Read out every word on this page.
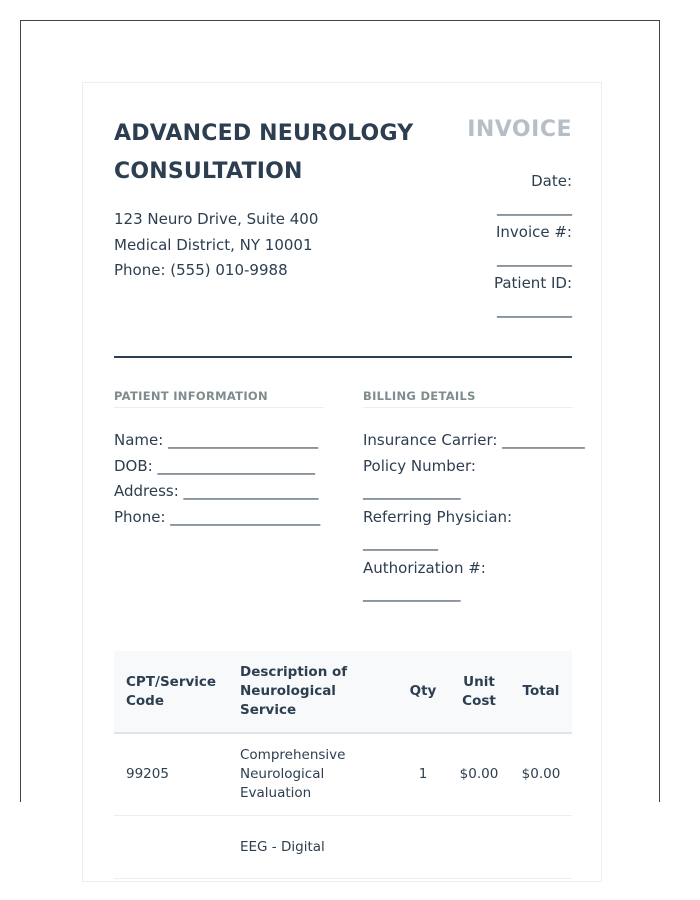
ADVANCED NEUROLOGY CONSULTATION
123 Neuro Drive, Suite 400
Medical District, NY 10001
Phone: (555) 010-9988
INVOICE
Date:
__________
Invoice #:
__________
Patient ID:
__________
PATIENT INFORMATION
Name: ____________________
DOB: _____________________
Address: __________________
Phone: ____________________
BILLING DETAILS
Insurance Carrier: ___________
Policy Number:
_____________
Referring Physician:
__________
Authorization #:
_____________
CPT/Service Code	Description of Neurological Service	Qty	Unit Cost	Total
99205	Comprehensive Neurological Evaluation	1	$0.00	$0.00
	EEG - Digital			
